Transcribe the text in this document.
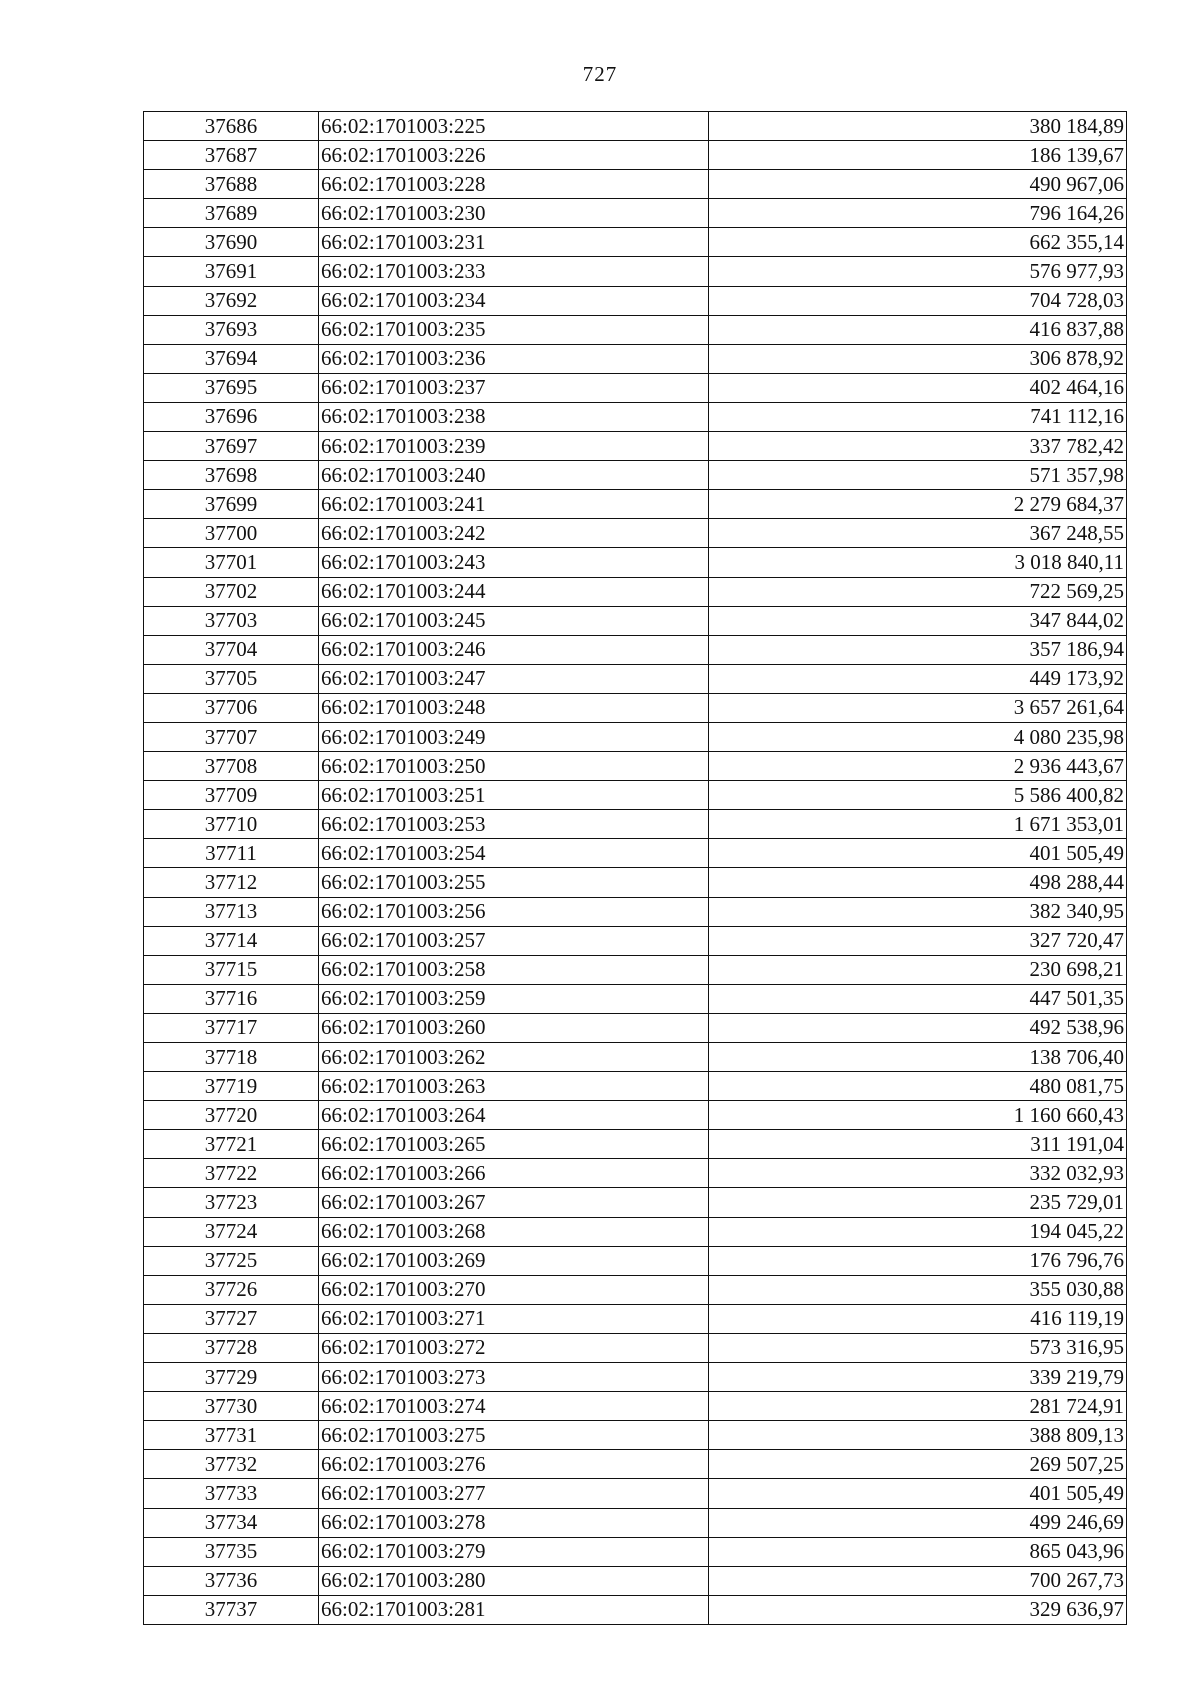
727
37686	66:02:1701003:225	380 184,89
37687	66:02:1701003:226	186 139,67
37688	66:02:1701003:228	490 967,06
37689	66:02:1701003:230	796 164,26
37690	66:02:1701003:231	662 355,14
37691	66:02:1701003:233	576 977,93
37692	66:02:1701003:234	704 728,03
37693	66:02:1701003:235	416 837,88
37694	66:02:1701003:236	306 878,92
37695	66:02:1701003:237	402 464,16
37696	66:02:1701003:238	741 112,16
37697	66:02:1701003:239	337 782,42
37698	66:02:1701003:240	571 357,98
37699	66:02:1701003:241	2 279 684,37
37700	66:02:1701003:242	367 248,55
37701	66:02:1701003:243	3 018 840,11
37702	66:02:1701003:244	722 569,25
37703	66:02:1701003:245	347 844,02
37704	66:02:1701003:246	357 186,94
37705	66:02:1701003:247	449 173,92
37706	66:02:1701003:248	3 657 261,64
37707	66:02:1701003:249	4 080 235,98
37708	66:02:1701003:250	2 936 443,67
37709	66:02:1701003:251	5 586 400,82
37710	66:02:1701003:253	1 671 353,01
37711	66:02:1701003:254	401 505,49
37712	66:02:1701003:255	498 288,44
37713	66:02:1701003:256	382 340,95
37714	66:02:1701003:257	327 720,47
37715	66:02:1701003:258	230 698,21
37716	66:02:1701003:259	447 501,35
37717	66:02:1701003:260	492 538,96
37718	66:02:1701003:262	138 706,40
37719	66:02:1701003:263	480 081,75
37720	66:02:1701003:264	1 160 660,43
37721	66:02:1701003:265	311 191,04
37722	66:02:1701003:266	332 032,93
37723	66:02:1701003:267	235 729,01
37724	66:02:1701003:268	194 045,22
37725	66:02:1701003:269	176 796,76
37726	66:02:1701003:270	355 030,88
37727	66:02:1701003:271	416 119,19
37728	66:02:1701003:272	573 316,95
37729	66:02:1701003:273	339 219,79
37730	66:02:1701003:274	281 724,91
37731	66:02:1701003:275	388 809,13
37732	66:02:1701003:276	269 507,25
37733	66:02:1701003:277	401 505,49
37734	66:02:1701003:278	499 246,69
37735	66:02:1701003:279	865 043,96
37736	66:02:1701003:280	700 267,73
37737	66:02:1701003:281	329 636,97
